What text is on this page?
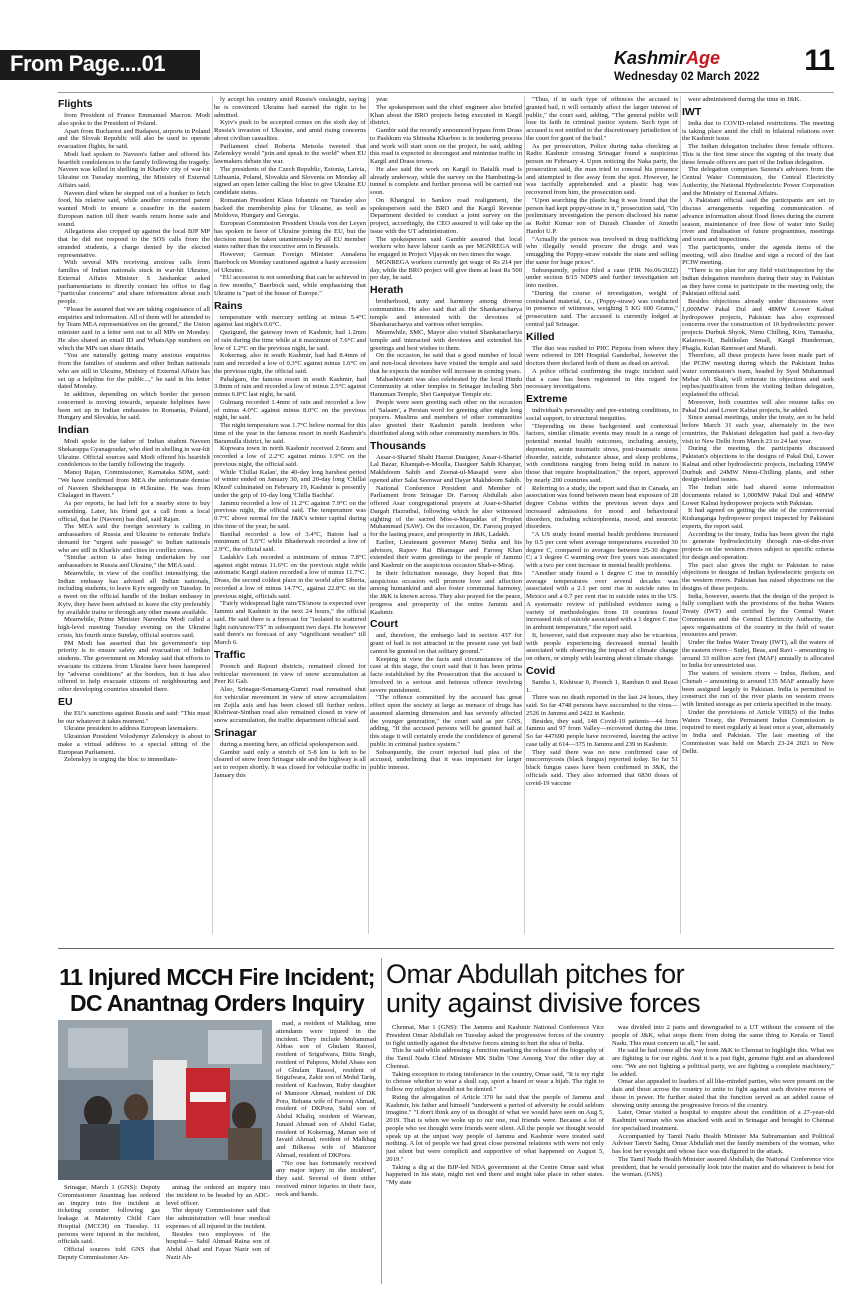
From Page....01	KashmirAge
Wednesday 02 March 2022	11
Flights

from President of France Emmanuel Macron. Modi also spoke to the President of Poland.

Apart from Bucharest and Budapest, airports in Poland and the Slovak Republic will also be used to operate evacuation flights, he said.

Modi had spoken to Naveen's father and offered his heartfelt condolences to the family following the tragedy. Naveen was killed in shelling in Kharkiv city of war-hit Ukraine on Tuesday morning, the Ministry of External Affairs said.

Naveen died when he stepped out of a bunker to fetch food, his relative said, while another concerned parent wanted Modi to ensure a ceasefire in the eastern European nation till their wards return home safe and sound.

Allegations also cropped up against the local BJP MP that he did not respond to the SOS calls from the stranded students, a charge denied by the elected representative.

With several MPs receiving anxious calls from families of Indian nationals stuck in war-hit Ukraine, External Affairs Minister S Jaishankar asked parliamentarians to directly contact his office to flag "particular concerns" and share information about such people.

"Please be assured that we are taking cognisance of all enquiries and information. All of them will be attended to by Team MEA representatives on the ground," the Union minister said in a letter sent out to all MPs on Monday. He also shared an email ID and WhatsApp numbers on which the MPs can share details.

"You are naturally getting many anxious enquiries from the families of students and other Indian nationals who are still in Ukraine, Ministry of External Affairs has set up a helpline for the public...," he said in his letter dated Monday.

In addition, depending on which border the person concerned is moving towards, separate helplines have been set up in Indian embassies in Romania, Poland, Hungary and Slovakia, he said.

Indian

Modi spoke to the father of Indian student Naveen Shekarappa Gyanagoudar, who died in shelling in war-hit Ukraine. Official sources said Modi offered his heartfelt condolences to the family following the tragedy.

Manoj Rajan, Commissioner, Karnataka SDM, said: "We have confirmed from MEA the unfortunate demise of Naveen Shekharappa in #Ukraine. He was from Chalageri in Haveri."

As per reports, he had left for a nearby store to buy something. Later, his friend got a call from a local official, that he (Naveen) has died, said Rajan.

The MEA said the foreign secretary is calling in ambassadors of Russia and Ukraine to reiterate India's demand for "urgent safe passage" to Indian nationals who are still in Kharkiv and cities in conflict zones.

"Similar action is also being undertaken by our ambassadors in Russia and Ukraine," the MEA said.

Meanwhile, in view of the conflict intensifying, the Indian embassy has advised all Indian nationals, including students, to leave Kyiv urgently on Tuesday. In a tweet on the official handle of the Indian embassy in Kyiv, they have been advised to leave the city preferably by available trains or through any other means available.

Meanwhile, Prime Minister Narendra Modi called a high-level meeting Tuesday evening on the Ukraine crisis, his fourth since Sunday, official sources said.

PM Modi has asserted that his government's top priority is to ensure safety and evacuation of Indian students. The government on Monday said that efforts to evacuate its citizens from Ukraine have been hampered by "adverse conditions" at the borders, but it has also offered to help evacuate citizens of neighbouring and other developing countries stranded there.

EU

the EU's sanctions against Russia and said: "This must be our whatever it takes moment."

Ukraine president to address European lawmakers.

Ukrainian President Volodymyr Zelenskyy is about to make a virtual address to a special sitting of the European Parliament.

Zelenskyy is urging the bloc to immediate-

ly accept his country amid Russia's onslaught, saying he is convinced Ukraine had earned the right to be admitted.

Kyiv's push to be accepted comes on the sixth day of Russia's invasion of Ukraine, and amid rising concerns about civilian casualties.

Parliament chief Roberta Metsola tweeted that Zelenskyy would "join and speak to the world" when EU lawmakers debate the war.

The presidents of the Czech Republic, Estonia, Latvia, Lithuania, Poland, Slovakia and Slovenia on Monday all signed an open letter calling the bloc to give Ukraine EU candidate status.

Romanian President Klaus Iohannis on Tuesday also backed the membership plea for Ukraine, as well as Moldova, Hungary and Georgia.

European Commission President Ursula von der Leyen has spoken in favor of Ukraine joining the EU, but the decision must be taken unanimously by all EU member states rather than the executive arm in Brussels.

However, German Foreign Minister Annalena Baerbock on Monday cautioned against a hasty accession of Ukraine.

"EU accession is not something that can be achieved in a few months," Baerbock said, while emphasising that Ukraine is "part of the house of Europe."

Rains

temperature with mercury settling at minus 5.4°C against last night's 0.6°C.

Qazigund, the gateway town of Kashmir, had 1.2mm of rain during the time while at it maximum of 7.6°C and low of 1.2°C on the previous night, he said.

Kokernag, also in south Kashmir, had had 8.4mm of rain and recorded a low of 0.3°C against minus 1.6°C on the previous night, the official said.

Pahalgam, the famous resort in south Kashmir, had 3.8mm of rain and recorded a low of minus 2.5°C against minus 6.8°C last night, he said.

Gulmarg recorded 1.4mm of rain and recorded a low of minus 4.0°C against minus 8.0°C on the previous night, he said.

The night temperature was 1.7°C below normal for this time of the year in the famous resort in north Kashmir's Baramulla district, he said.

Kupwara town in north Kashmir received 2.6mm and recorded a low of 2.2°C against minus 1.9°C on the previous night, the official said.

While 'Chillai Kalan', the 40-day long harshest period of winter ended on January 30, and 20-day long 'Chillai Khurd' culminated on February 19, Kashmir is presently under the grip of 10-day long 'Chilla Bachha'.

Jammu recorded a low of 11.2°C against 7.9°C on the previous night, the official said. The temperature was 0.7°C above normal for the J&K's winter capital during this time of the year, he said.

Banihal recorded a low of 3.4°C, Batote had a minimum of 5.6°C while Bhaderwah recorded a low of 2.9°C, the official said.

Ladakh's Leh recorded a minimum of minus 7.8°C against eight minus 11.6°C on the previous night while automatic Kargil station recorded a low of minus 11.7°C. Drass, the second coldest place in the world after Siberia, recorded a low of minus 14.7°C, against 22.8°C on the previous night, officials said.

"Fairly widespread light rain/TS/snow is expected over Jammu and Kashmir in the next 24 hours," the official said. He said there is a forecast for "isolated to scattered light rain/snow/TS" in subsequent two days. He however said there's no forecast of any "significant weather" till March 6.

Traffic

Poonch and Rajouri districts, remained closed for vehicular movement in view of snow accumulation at Peer Ki Gali.

Also, Srinagar-Sonamarg-Gumri road remained shut for vehicular movement in view of snow accumulation on Zojila axis and has been closed till further orders. Kishtwar-Sinthan road also remained closed in view of snow accumulation, the traffic department official said.

Srinagar

during a meeting here, an official spokesperson said.

Gambir said only a stretch of 5-8 km is left to be cleared of snow from Srinagar side and the highway is all set to reopen shortly. It was closed for vehicular traffic in January this

year.

The spokesperson said the chief engineer also briefed Khan about the BRO projects being executed in Kargil district.

Gambir said the recently announced bypass from Drass to Pashkum via Shimsha Kharboo is in tendering process and work will start soon on the project, he said, adding this road is expected to decongest and minimise traffic in Kargil and Drass towns.

He also said the work on Kargil to Batalik road is already underway, while the survey on the Hambuting-la tunnel is complete and further process will be carried out soon.

On Khangral to Sankoo road realignment, the spokesperson said the BRO and the Kargil Revenue Department decided to conduct a joint survey on the project, accordingly, the CEO assured it will take up the issue with the UT administration.

The spokesperson said Gambir assured that local workers who have labour cards as per MGNREGA will be engaged in Project Vijayak on two times the wage.

MGNREGA workers currently get wage of Rs 214 per day, while the BRO project will give them at least Rs 500 per day, he said.

Herath

brotherhood, unity and harmony among diverse communities. He also said that all the Shankaracharya temple and interested with the devotees of Shankaracharya and various other temples.

Meanwhile, SMC, Mayor also visited Shankaracharya temple and interacted with devotees and extended his greetings and best wishes to them.

On the occasion, he said that a good number of local and non-local devotees have visited the temple and said that he expects the number will increase in coming years.

Mahashivratri was also celebrated by the local Hindu Community at other temples in Srinagar including Shri Hanuman Temple, Shri Ganpatyar Temple etc.

People were seen greeting each other on the occasion of 'Salaam', a Persian word for greeting after night long prayers. Muslims and members of other communities also greeted their Kashmiri pandit brethren who distributed along with other community members in 90s.

Thousands

Assar-i-Sharief Shahi Hazrat Dastgeer, Assar-i-Sharief Lal Bazar, Khanqah-e-Moulla, Dastgeer Sahib Khanyar, Makhdoom Sahib and Zeenat-ul-Masajid were also opened after Salat Seenwar and Dayar Makhdoom Sahib.

National Conference President and Member of Parliament from Srinagar Dr. Farooq Abdullah also offered Asar congregational prayers at Asar-e-Sharief Dargah Hazratbal, following which he also witnessed sighting of the sacred Moe-e-Muqaddas of Prophet Muhammad (SAW). On the occasion, Dr. Farooq prayed for the lasting peace, and prosperity in J&K, Ladakh.

Earlier, Lieutenant governor Manoj Sinha and his advisors, Rajeev Rai Bhatnagar and Farooq Khan extended their warm greetings to the people of Jammu and Kashmir on the auspicious occasion Shab-e-Miraj.

In their felicitation message, they hoped that this auspicious occasion will promote love and affection among humankind and also foster communal harmony, the J&K is known across. They also prayed for the peace, progress and prosperity of the entire Jammu and Kashmir.

Court

and, therefore, the embargo laid in section 437 for grant of bail is not attracted in the present case yet bail cannot be granted on that solitary ground."

Keeping in view the facts and circumstances of the case at this stage, the court said that it has been prima facie established by the Prosecution that the accused is involved in a serious and heinous offence involving severe punishment.

"The offence committed by the accused has great effect upon the society at large as menace of drugs has assumed alarming dimension and has severely affected the younger generation," the court said as per GNS, adding, "If the accused persons will be granted bail at this stage it will certainly erode the confidence of general public in criminal justice system."

Subsequently, the court rejected bail plea of the accused, underlining that it was important for larger public interest.

"Thus, if in such type of offences the accused is granted bail, it will certainly affect the larger interest of public," the court said, adding, "The general public will lose its faith in criminal justice system. Such type of accused is not entitled to the discretionary jurisdiction of the court for grant of the bail."

As per prosecution, Police during naka checking at Radio Kashmir crossing Srinagar found a suspicious person on February 4. Upon noticing the Naka party, the prosecution said, the man tried to conceal his presence and attempted to flee away from the spot. However, he was tactfully apprehended and a plastic bag was recovered from him, the prosecution said.

"Upon searching the plastic bag it was found that the person had kept poppy-straw in it," prosecution said, "On preliminary investigation the person disclosed his name as Rohit Kumar son of Durash Chander of Amethi Hardoi U.P.

"Actually the person was involved in drug trafficking who illegally would procure the drugs and was smuggling the Poppy-straw outside the state and selling the same for huge prices".

Subsequently, police filed a case (FIR No.06/2022) under section 8/15 NDPS and further investigation set into motion.

"During the course of investigation, weight of contraband material, i.e., (Poppy-straw) was conducted in presence of witnesses, weighing 5 KG 600 Grams," prosecution said. The accused is currently lodged at central jail Srinagar.

Killed

The duo was rushed to PHC Pirpora from where they were referred to DH Hospital Ganderbal, however the doctors there declared both of them as dead on arrival.

A police official confirming the tragic incident said that a case has been registered in this regard for necessary investigations.

Extreme

individual's personality and pre-existing conditions, to social support, to structural inequities.

"Depending on these background and contextual factors, similar climatic events may result in a range of potential mental health outcomes, including anxiety, depression, acute traumatic stress, post-traumatic stress disorder, suicide, substance abuse, and sleep problems, with conditions ranging from being mild in nature to those that require hospitalization," the report, approved by nearly 200 countries said.

Referring to a study, the report said that in Canada, an association was found between mean heat exposure of 28 degree Celsius within the previous seven days and increased admissions for mood and behavioural disorders, including schizophrenia, mood, and neurotic disorders.

"A US study found mental health problems increased by 0.5 per cent when average temperatures exceeded 30 degree C, compared to averages between 25-30 degree C; a 1 degree C warming over five years was associated with a two per cent increase in mental health problems.

"Another study found a 1 degree C rise in monthly average temperatures over several decades was associated with a 2.1 per cent rise in suicide rates in Mexico and a 0.7 per cent rise in suicide rates in the US. A systematic review of published evidence using a variety of methodologies from 19 countries found increased risk of suicide associated with a 1 degree C rise in ambient temperature," the report said.

It, however, said that exposure may also be vicarious, with people experiencing decreased mental health associated with observing the impact of climate change on others, or simply with learning about climate change.

Covid

Samba 1, Kishtwar 0, Poonch 1, Ramban 0 and Reasi 1.

There was no death reported in the last 24 hours, they said. So far 4748 persons have succumbed to the virus—2526 in Jammu and 2422 in Kashmir.

Besides, they said, 148 Covid-19 patients—44 from Jammu and 97 from Valley—recovered during the time. So far 447690 people have recovered, leaving the active case tally at 614—375 in Jammu and 239 in Kashmir.

They said there was no new confirmed case of mucormycosis (black fungus) reported today. So far 51 black fungus cases have been confirmed in J&K, the officials said. They also informed that 6830 doses of covid-19 vaccine

were administered during the time in J&K.

IWT

India due to COVID-related restrictions. The meeting is taking place amid the chill in bilateral relations over the Kashmir issue.

The Indian delegation includes three female officers. This is the first time since the signing of the treaty that three female officers are part of the Indian delegation.

The delegation comprises Saxena's advisors from the Central Water Commission, the Central Electricity Authority, the National Hydroelectric Power Corporation and the Ministry of External Affairs.

A Pakistani official said the participants are set to discuss arrangements regarding communication of advance information about flood flows during the current season, maintenance of free flow of water into Sutlej river and finalisation of future programmes, meetings and tours and inspections.

The participants, under the agenda items of the meeting, will also finalise and sign a record of the last PCIW meeting.

"There is no plan for any field visit/inspection by the Indian delegation members during their stay in Pakistan as they have come to participate in the meeting only, the Pakistani official said.

Besides objections already under discussions over 1,000MW Pakal Dul and 48MW Lower Kalnai hydropower projects, Pakistan has also expressed concerns over the construction of 10 hydroelectric power projects Durbuk Shyok, Nimu Chilling, Kiru, Tamasha, Kalaroos-II, Baltikulan Small, Kargil Hunderman, Phagla, Kulan Ramwari and Mandi.

Therefore, all these projects have been made part of the PCIW meeting during which the Pakistani Indus water commission's team, headed by Syed Muhammad Mehar Ali Shah, will reiterate its objections and seek replies/justification from the visiting Indian delegation, explained the official.

Moreover, both countries will also resume talks on Pakal Dul and Lower Kalnai projects, he added.

Since annual meetings, under the treaty, are to be held before March 31 each year, alternately in the two countries, the Pakistani delegation had paid a two-day visit to New Delhi from March 23 to 24 last year.

During the meeting, the participants discussed Pakistan's objections to the designs of Pakal Dul, Lower Kalnai and other hydroelectric projects, including 19MW Durbuk and 24MW Nimu-Chilling plants, and other design-related issues.

The Indian side had shared some information documents related to 1,000MW Pakal Dul and 48MW Lower Kalnai hydropower projects with Pakistan.

It had agreed on getting the site of the controversial Kishanganga hydropower project inspected by Pakistani experts, the report said.

According to the treaty, India has been given the right to generate hydroelectricity through run-of-the-river projects on the western rivers subject to specific criteria for design and operation.

The pact also gives the right to Pakistan to raise objections to designs of Indian hydroelectric projects on the western rivers. Pakistan has raised objections on the designs of these projects.

India, however, asserts that the design of the project is fully compliant with the provisions of the Indus Waters Treaty (IWT) and certified by the Central Water Commission and the Central Electricity Authority, the apex organisations of the country in the field of water resources and power.

Under the Indus Water Treaty (IWT), all the waters of the eastern rivers – Sutlej, Beas, and Ravi – amounting to around 33 million acre feet (MAF) annually is allocated to India for unrestricted use.

The waters of western rivers – Indus, Jhelum, and Chenab – amounting to around 135 MAF annually have been assigned largely to Pakistan. India is permitted to construct the run of the river plants on western rivers with limited storage as per criteria specified in the treaty.

Under the provisions of Article VIII(5) of the Indus Waters Treaty, the Permanent Indus Commission is required to meet regularly at least once a year, alternately in India and Pakistan. The last meeting of the Commission was held on March 23-24 2021 in New Delhi.

11 Injured MCCH Fire Incident;
DC Anantnag Orders Inquiry

Srinagar, March 1 (GNS): Deputy Commissioner Anantnag has ordered an inquiry into fire incident at ticketing counter following gas leakage at Maternity Child Care Hospital (MCCH) on Tuesday. 11 persons were injured in the incident, officials said.

Official sources told GNS that Deputy Commissioner An-

antnag the ordered an inquiry into the incident to be headed by an ADC-level officer.

The deputy Commissioner said that the administration will bear medical expenses of all injured in the incident.

Besides two employees of the hospital— Sahil Ahmad Raina son of Abdul Ahad and Fayaz Nazir son of Nazir Ah-

mad, a resident of Malkhag, nine attendants were injured in the incident. They include Mohammad Abbas son of Ghulam Rasool, resident of Srigufwara, Bittu Singh, resident of Pahpora, Mohd Abass son of Ghulam Rasool, resident of Srigufwara, Zakir son of Mohd Tariq, resident of Kachwan, Ruby daughter of Manzoor Ahmad, resident of DK Pora, Rehana wife of Farooq Ahmad, resident of DKPora, Sahil son of Abdul Khaliq, resident of Warwan, Junaid Ahmad son of Abdul Gafar, resident of Kokernag, Manan son of Javaid Ahmad, resident of Malkhag and Bilkeesa wife of Manzoor Ahmad, resident of DKPora.

"No one has fortunately received any major injury in the incident", they said. Several of them either received minor injuries in their face, neck and hands.

Omar Abdullah pitches for
unity against divisive forces

Chennai, Mar 1 (GNS): The Jammu and Kashmir National Conference Vice President Omar Abdullah on Tuesday asked the progressive forces of the country to fight unitedly against the divisive forces aiming to hurt the idea of India.

This he said while addressing a function marking the release of the biography of the Tamil Nadu Chief Minister MK Stalin 'One Among You' the other day at Chennai.

Taking exception to rising intolerance in the country, Omar said, "It is my right to choose whether to wear a skull cap, sport a beard or wear a hijab. The right to follow my religion should not be denied."

Ruing the abrogation of Article 370 he said that the people of Jammu and Kashmir, his father and himself "underwent a period of adversity he could seldom imagine." "I don't think any of us thought of what we would have seen on Aug 5, 2019. That is when we woke up to our one, real friends were. Because a lot of people who we thought were friends were silent. All the people we thought would speak up at the unjust way people of Jammu and Kashmir were treated said nothing. A lot of people we had great close personal relations with were not only just silent but were complicit and supportive of what happened on August 5, 2019."

Taking a dig at the BJP-led NDA government at the Centre Omar said what happened in his state, might not end there and might take place in other states. "My state

was divided into 2 parts and downgraded to a UT without the consent of the people of J&K, what stops them from doing the same thing to Kerala or Tamil Nadu. This must concern us all," he said.

He said he had come all the way from J&K to Chennai to highlight this. What we are fighting is for our rights. And it is a just fight, genuine fight and an abandoned one. "We are not fighting a political party, we are fighting a complete machinery," he added.

Omar also appealed to leaders of all like-minded parties, who were present on the dais and those across the country to unite to fight against such divisive moves of those in power. He further stated that the function served as an added cause of showing unity among the progressive forces of the country.

Later, Omar visited a hospital to enquire about the condition of a 27-year-old Kashmiri woman who was attacked with acid in Srinagar and brought to Chennai for specialised treatment.

Accompanied by Tamil Nadu Health Minister Ma Subramanian and Political Adviser Tanvir Sadiq, Omar Abdullah met the family members of the woman, who has lost her eyesight and whose face was disfigured in the attack.

The Tamil Nadu Health Minister assured Abdullah, the National Conference vice president, that he would personally look into the matter and do whatever is best for the woman. (GNS)
